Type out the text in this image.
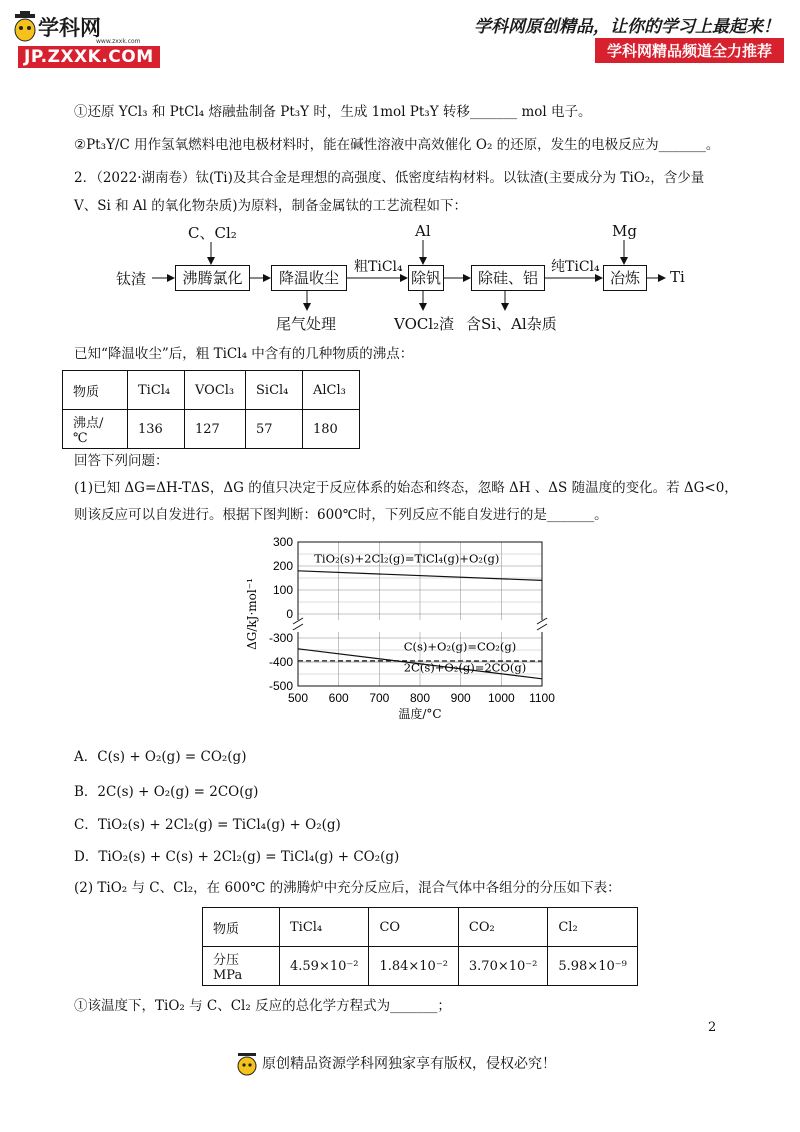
学科网
www.zxxk.com
JP.ZXXK.COM
学科网原创精品，让你的学习上最起来！
学科网精品频道全力推荐
①还原 YCl₃ 和 PtCl₄ 熔融盐制备 Pt₃Y 时，生成 1mol Pt₃Y 转移_______ mol 电子。
②Pt₃Y/C 用作氢氧燃料电池电极材料时，能在碱性溶液中高效催化 O₂ 的还原，发生的电极反应为_______。
2．（2022·湖南卷）钛(Ti)及其合金是理想的高强度、低密度结构材料。以钛渣(主要成分为 TiO₂，含少量
V、Si 和 Al 的氧化物杂质)为原料，制备金属钛的工艺流程如下：
钛渣
C、Cl₂
沸腾氯化	降温收尘
尾气处理
粗TiCl₄
Al
除钒
VOCl₂渣
除硅、铝
含Si、Al杂质
纯TiCl₄
Mg
冶炼	Ti
已知“降温收尘”后，粗 TiCl₄ 中含有的几种物质的沸点：
物质	TiCl₄	VOCl₃	SiCl₄	AlCl₃
沸点/℃	136	127	57	180
回答下列问题：
(1)已知 ΔG=ΔH-TΔS，ΔG 的值只决定于反应体系的始态和终态，忽略 ΔH 、ΔS 随温度的变化。若 ΔG<0，
则该反应可以自发进行。根据下图判断：600℃时，下列反应不能自发进行的是_______。
500 600 700 800 900 1000 1100
300
200
100
0
-300
-400
-500
温度/°C
ΔG/kJ·mol⁻¹
TiO₂(s)+2Cl₂(g)=TiCl₄(g)+O₂(g)
C(s)+O₂(g)=CO₂(g)
2C(s)+O₂(g)=2CO(g)
A．C(s) + O₂(g) = CO₂(g)
B．2C(s) + O₂(g) = 2CO(g)
C．TiO₂(s) + 2Cl₂(g) = TiCl₄(g) + O₂(g)
D．TiO₂(s) + C(s) + 2Cl₂(g) = TiCl₄(g) + CO₂(g)
(2) TiO₂ 与 C、Cl₂，在 600℃ 的沸腾炉中充分反应后，混合气体中各组分的分压如下表：
物质	TiCl₄	CO	CO₂	Cl₂
分压 MPa	4.59×10⁻²	1.84×10⁻²	3.70×10⁻²	5.98×10⁻⁹
①该温度下，TiO₂ 与 C、Cl₂ 反应的总化学方程式为_______；
2
原创精品资源学科网独家享有版权，侵权必究！
